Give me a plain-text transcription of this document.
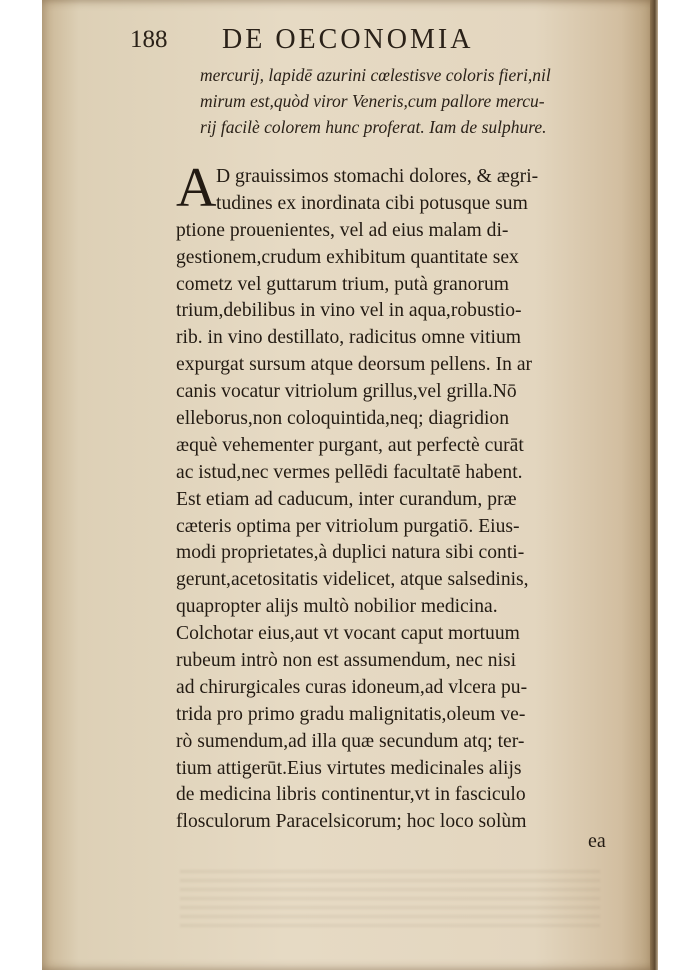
188 DE OECONOMIA
mercurij, lapidē azurini cœlestisve coloris fieri,nil
mirum est,quòd viror Veneris,cum pallore mercu-
rij facilè colorem hunc proferat. Iam de sulphure.
A D grauissimos stomachi dolores, & ægri-
tudines ex inordinata cibi potusque sum
ptione prouenientes, vel ad eius malam di-
gestionem,crudum exhibitum quantitate sex
cometz vel guttarum trium, putà granorum
trium,debilibus in vino vel in aqua,robustio-
rib. in vino destillato, radicitus omne vitium
expurgat sursum atque deorsum pellens. In ar
canis vocatur vitriolum grillus,vel grilla.Nō
elleborus,non coloquintida,neq; diagridion
æquè vehementer purgant, aut perfectè curāt
ac istud,nec vermes pellēdi facultatē habent.
Est etiam ad caducum, inter curandum, præ
cæteris optima per vitriolum purgatiō. Eius-
modi proprietates,à duplici natura sibi conti-
gerunt,acetositatis videlicet, atque salsedinis,
quapropter alijs multò nobilior medicina.
Colchotar eius,aut vt vocant caput mortuum
rubeum intrò non est assumendum, nec nisi
ad chirurgicales curas idoneum,ad vlcera pu-
trida pro primo gradu malignitatis,oleum ve-
rò sumendum,ad illa quæ secundum atq; ter-
tium attigerūt.Eius virtutes medicinales alijs
de medicina libris continentur,vt in fasciculo
flosculorum Paracelsicorum; hoc loco solùm
ea
